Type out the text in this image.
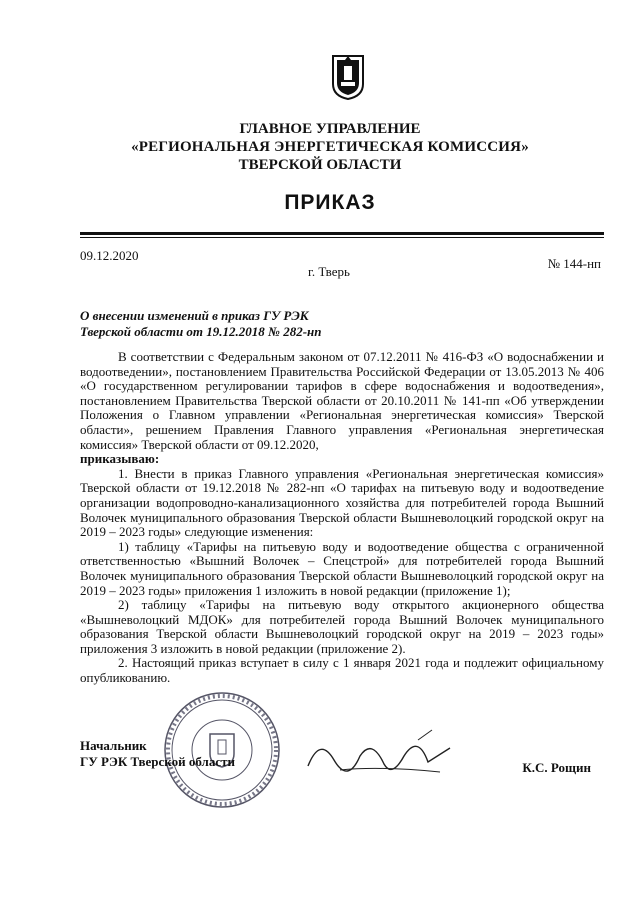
ГЛАВНОЕ УПРАВЛЕНИЕ
«РЕГИОНАЛЬНАЯ ЭНЕРГЕТИЧЕСКАЯ КОМИССИЯ»
ТВЕРСКОЙ ОБЛАСТИ
ПРИКАЗ
09.12.2020
№ 144-нп
г. Тверь
О внесении изменений в приказ ГУ РЭК
Тверской области от 19.12.2018 № 282-нп

В соответствии с Федеральным законом от 07.12.2011 № 416-ФЗ «О водоснабжении и водоотведении», постановлением Правительства Российской Федерации от 13.05.2013 № 406 «О государственном регулировании тарифов в сфере водоснабжения и водоотведения», постановлением Правительства Тверской области от 20.10.2011 № 141-пп «Об утверждении Положения о Главном управлении «Региональная энергетическая комиссия» Тверской области», решением Правления Главного управления «Региональная энергетическая комиссия» Тверской области от 09.12.2020,

приказываю:

1. Внести в приказ Главного управления «Региональная энергетическая комиссия» Тверской области от 19.12.2018 № 282-нп «О тарифах на питьевую воду и водоотведение организации водопроводно-канализационного хозяйства для потребителей города Вышний Волочек муниципального образования Тверской области Вышневолоцкий городской округ на 2019 – 2023 годы» следующие изменения:

1) таблицу «Тарифы на питьевую воду и водоотведение общества с ограниченной ответственностью «Вышний Волочек – Спецстрой» для потребителей города Вышний Волочек муниципального образования Тверской области Вышневолоцкий городской округ на 2019 – 2023 годы» приложения 1 изложить в новой редакции (приложение 1);

2) таблицу «Тарифы на питьевую воду открытого акционерного общества «Вышневолоцкий МДОК» для потребителей города Вышний Волочек муниципального образования Тверской области Вышневолоцкий городской округ на 2019 – 2023 годы» приложения 3 изложить в новой редакции (приложение 2).

2. Настоящий приказ вступает в силу с 1 января 2021 года и подлежит официальному опубликованию.

Начальник
ГУ РЭК Тверской области	К.С. Рощин
